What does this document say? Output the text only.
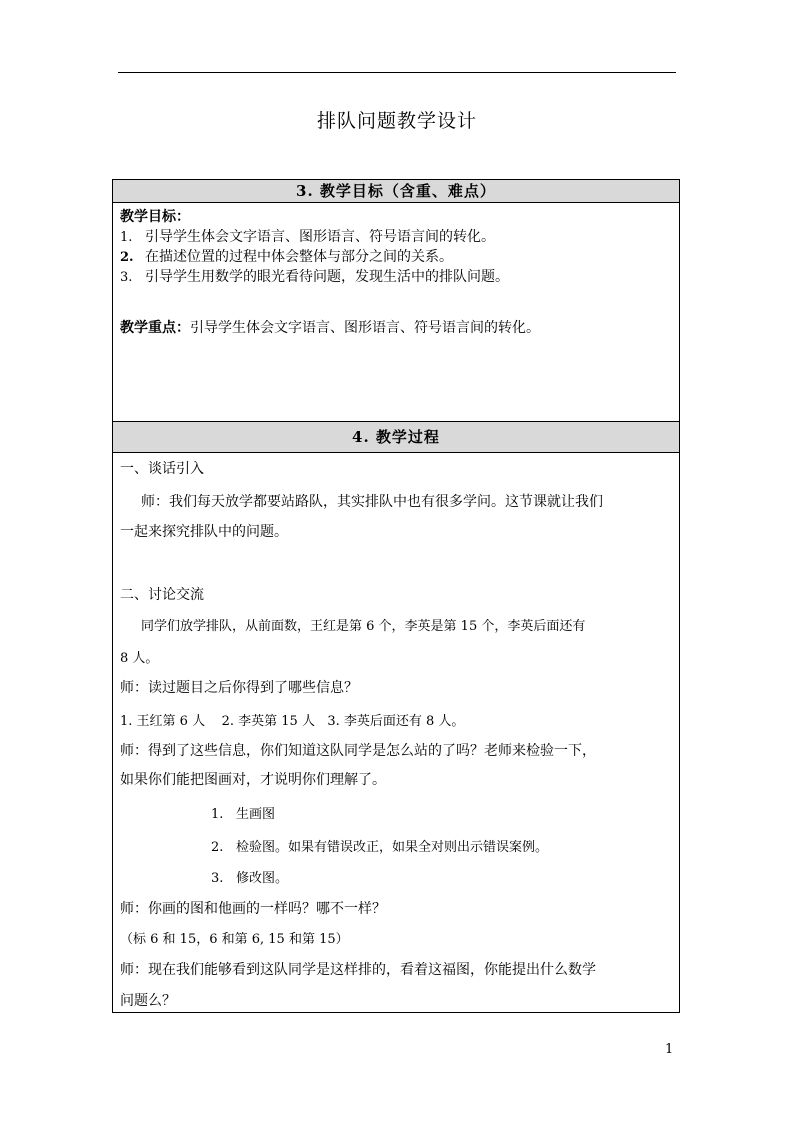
排队问题教学设计
3. 教学目标（含重、难点）
教学目标：
1. 引导学生体会文字语言、图形语言、符号语言间的转化。
2. 在描述位置的过程中体会整体与部分之间的关系。
3. 引导学生用数学的眼光看待问题，发现生活中的排队问题。
教学重点：引导学生体会文字语言、图形语言、符号语言间的转化。
4. 教学过程
一、谈话引入
师：我们每天放学都要站路队，其实排队中也有很多学问。这节课就让我们
一起来探究排队中的问题。
二、讨论交流
同学们放学排队，从前面数，王红是第 6 个，李英是第 15 个，李英后面还有
8 人。
师：读过题目之后你得到了哪些信息？
1. 王红第 6 人    2. 李英第 15 人   3. 李英后面还有 8 人。
师：得到了这些信息，你们知道这队同学是怎么站的了吗？老师来检验一下，
如果你们能把图画对，才说明你们理解了。
1. 生画图
2. 检验图。如果有错误改正，如果全对则出示错误案例。
3. 修改图。
师：你画的图和他画的一样吗？哪不一样？
（标 6 和 15，6 和第 6, 15 和第 15）
师：现在我们能够看到这队同学是这样排的，看着这福图，你能提出什么数学
问题么？
1
